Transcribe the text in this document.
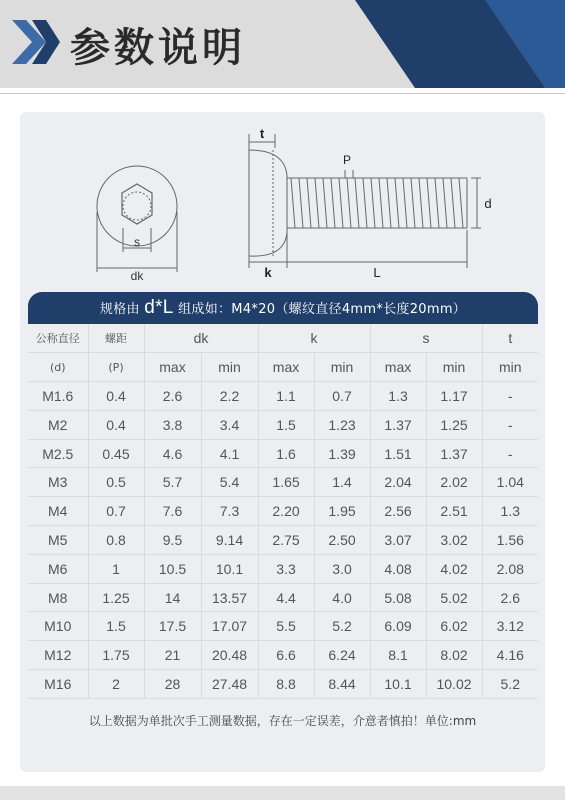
参数说明
s
dk
t
P
d
k	L
规格由 d*L 组成如：M4*20（螺纹直径4mm*长度20mm）
公称直径	螺距	dk		k		s		t
(d)	(P)	max	min	max	min	max	min	min
M1.6	0.4	2.6	2.2	1.1	0.7	1.3	1.17	-
M2	0.4	3.8	3.4	1.5	1.23	1.37	1.25	-
M2.5	0.45	4.6	4.1	1.6	1.39	1.51	1.37	-
M3	0.5	5.7	5.4	1.65	1.4	2.04	2.02	1.04
M4	0.7	7.6	7.3	2.20	1.95	2.56	2.51	1.3
M5	0.8	9.5	9.14	2.75	2.50	3.07	3.02	1.56
M6	1	10.5	10.1	3.3	3.0	4.08	4.02	2.08
M8	1.25	14	13.57	4.4	4.0	5.08	5.02	2.6
M10	1.5	17.5	17.07	5.5	5.2	6.09	6.02	3.12
M12	1.75	21	20.48	6.6	6.24	8.1	8.02	4.16
M16	2	28	27.48	8.8	8.44	10.1	10.02	5.2
以上数据为单批次手工测量数据，存在一定误差，介意者慎拍！单位:mm
